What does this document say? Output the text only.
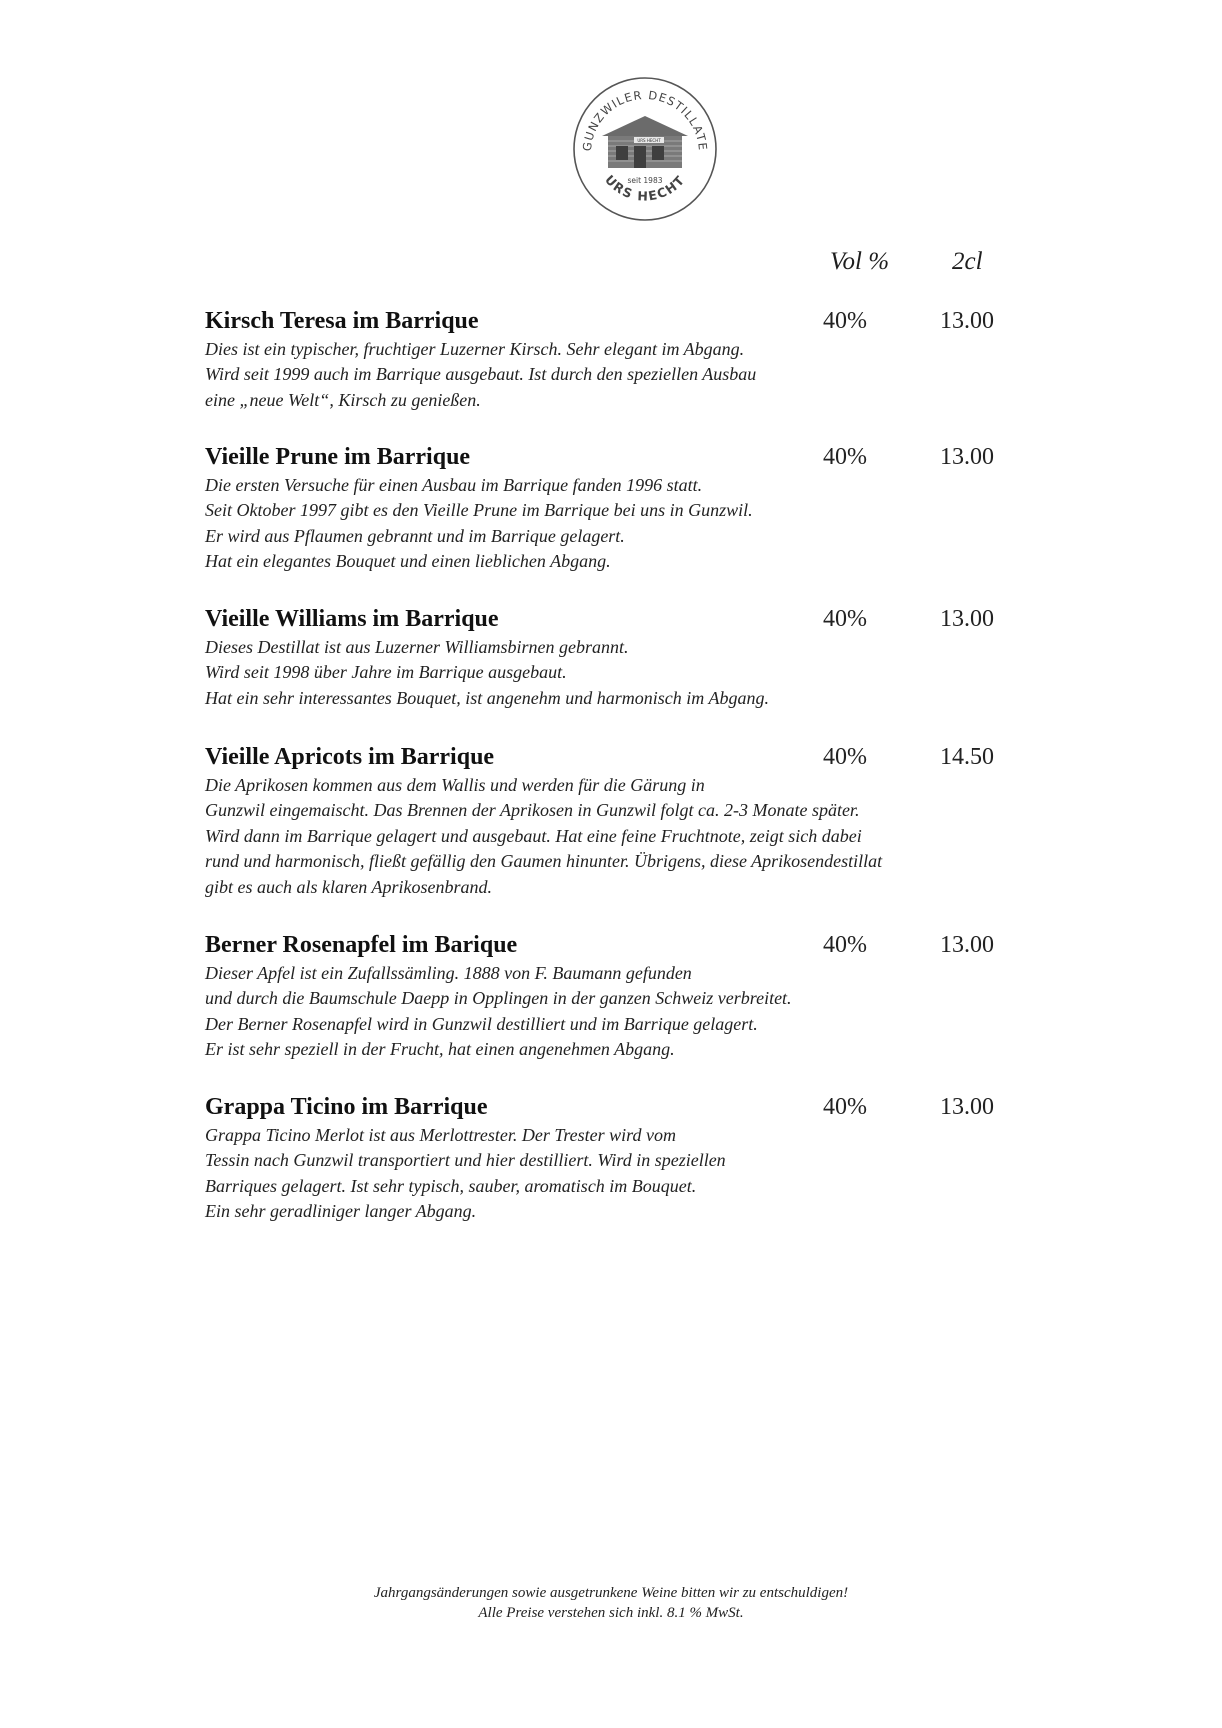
GUNZWILER DESTILLATE
URS HECHT
URS HECHT
seit 1983
Vol %	2cl
Kirsch Teresa im Barrique	40%	13.00
Dies ist ein typischer, fruchtiger Luzerner Kirsch. Sehr elegant im Abgang.
Wird seit 1999 auch im Barrique ausgebaut. Ist durch den speziellen Ausbau
eine „neue Welt“, Kirsch zu genießen.
Vieille Prune im Barrique	40%	13.00
Die ersten Versuche für einen Ausbau im Barrique fanden 1996 statt.
Seit Oktober 1997 gibt es den Vieille Prune im Barrique bei uns in Gunzwil.
Er wird aus Pflaumen gebrannt und im Barrique gelagert.
Hat ein elegantes Bouquet und einen lieblichen Abgang.
Vieille Williams im Barrique	40%	13.00
Dieses Destillat ist aus Luzerner Williamsbirnen gebrannt.
Wird seit 1998 über Jahre im Barrique ausgebaut.
Hat ein sehr interessantes Bouquet, ist angenehm und harmonisch im Abgang.
Vieille Apricots im Barrique	40%	14.50
Die Aprikosen kommen aus dem Wallis und werden für die Gärung in
Gunzwil eingemaischt. Das Brennen der Aprikosen in Gunzwil folgt ca. 2-3 Monate später.
Wird dann im Barrique gelagert und ausgebaut. Hat eine feine Fruchtnote, zeigt sich dabei
rund und harmonisch, fließt gefällig den Gaumen hinunter. Übrigens, diese Aprikosendestillat
gibt es auch als klaren Aprikosenbrand.
Berner Rosenapfel im Barique	40%	13.00
Dieser Apfel ist ein Zufallssämling. 1888 von F. Baumann gefunden
und durch die Baumschule Daepp in Opplingen in der ganzen Schweiz verbreitet.
Der Berner Rosenapfel wird in Gunzwil destilliert und im Barrique gelagert.
Er ist sehr speziell in der Frucht, hat einen angenehmen Abgang.
Grappa Ticino im Barrique	40%	13.00
Grappa Ticino Merlot ist aus Merlottrester. Der Trester wird vom
Tessin nach Gunzwil transportiert und hier destilliert. Wird in speziellen
Barriques gelagert. Ist sehr typisch, sauber, aromatisch im Bouquet.
Ein sehr geradliniger langer Abgang.
Jahrgangsänderungen sowie ausgetrunkene Weine bitten wir zu entschuldigen!
Alle Preise verstehen sich inkl. 8.1 % MwSt.
